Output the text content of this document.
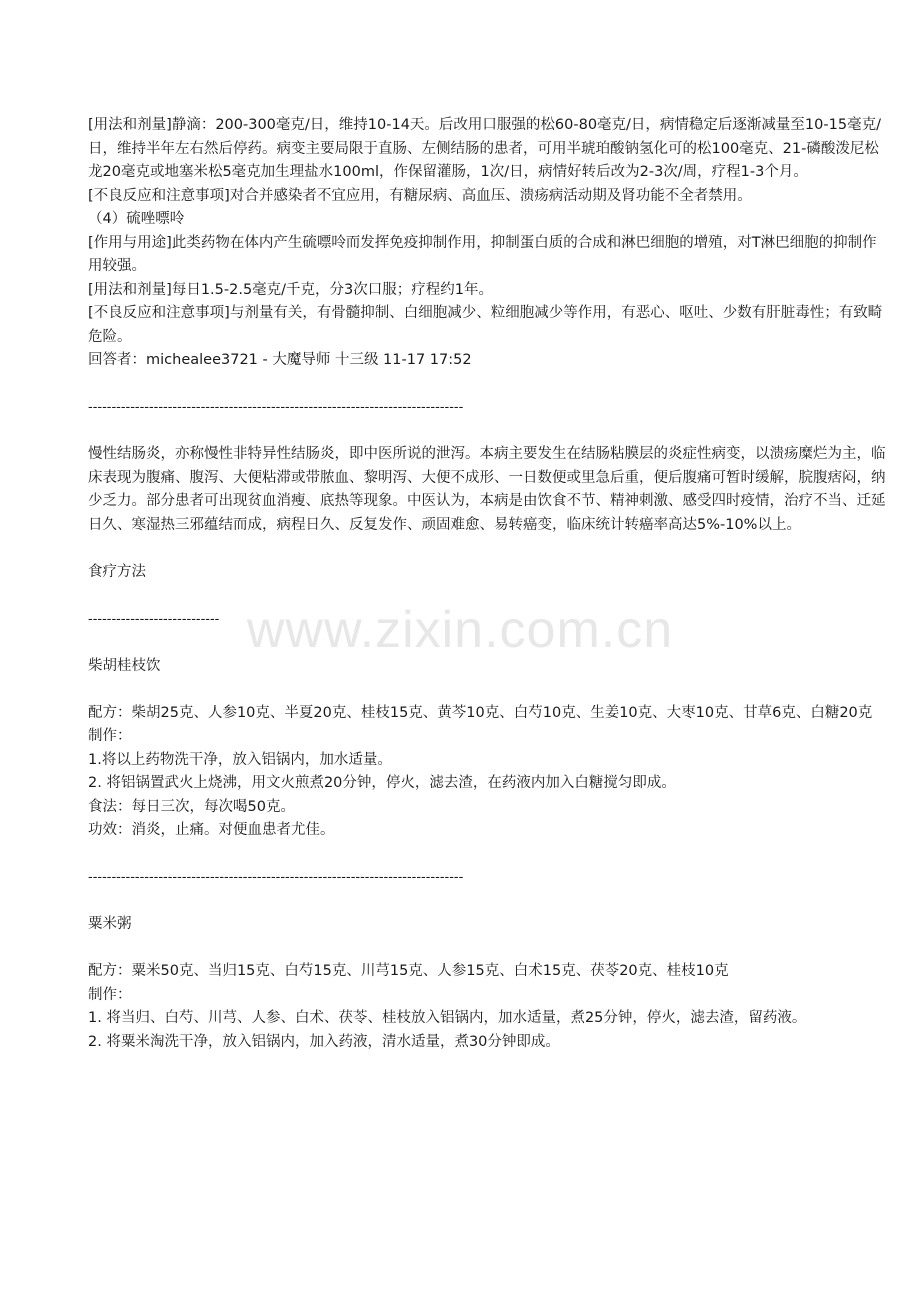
www.zixin.com.cn

[用法和剂量]静滴：200-300毫克/日，维持10-14天。后改用口服强的松60-80毫克/日，病情稳定后逐渐减量至10-15毫克/日，维持半年左右然后停药。病变主要局限于直肠、左侧结肠的患者，可用半琥珀酸钠氢化可的松100毫克、21-磷酸泼尼松龙20毫克或地塞米松5毫克加生理盐水100ml，作保留灌肠，1次/日，病情好转后改为2-3次/周，疗程1-3个月。

[不良反应和注意事项]对合并感染者不宜应用，有糖尿病、高血压、溃疡病活动期及肾功能不全者禁用。

（4）硫唑嘌呤

[作用与用途]此类药物在体内产生硫嘌呤而发挥免疫抑制作用，抑制蛋白质的合成和淋巴细胞的增殖，对T淋巴细胞的抑制作用较强。

[用法和剂量]每日1.5-2.5毫克/千克，分3次口服；疗程约1年。

[不良反应和注意事项]与剂量有关，有骨髓抑制、白细胞减少、粒细胞减少等作用，有恶心、呕吐、少数有肝脏毒性；有致畸危险。

回答者：michealee3721 - 大魔导师 十三级 11-17 17:52

--------------------------------------------------------------------------------

慢性结肠炎，亦称慢性非特异性结肠炎，即中医所说的泄泻。本病主要发生在结肠粘膜层的炎症性病变，以溃疡糜烂为主，临床表现为腹痛、腹泻、大便粘滞或带脓血、黎明泻、大便不成形、一日数便或里急后重，便后腹痛可暂时缓解，脘腹痞闷，纳少乏力。部分患者可出现贫血消瘦、底热等现象。中医认为，本病是由饮食不节、精神刺激、感受四时疫情，治疗不当、迁延日久、寒湿热三邪蕴结而成，病程日久、反复发作、顽固难愈、易转癌变，临床统计转癌率高达5%-10%以上。

食疗方法

----------------------------

柴胡桂枝饮

配方：柴胡25克、人参10克、半夏20克、桂枝15克、黄芩10克、白芍10克、生姜10克、大枣10克、甘草6克、白糖20克

制作：

1.将以上药物洗干净，放入铝锅内，加水适量。

2. 将铝锅置武火上烧沸，用文火煎煮20分钟，停火，滤去渣，在药液内加入白糖搅匀即成。

食法：每日三次，每次喝50克。

功效：消炎，止痛。对便血患者尤佳。

--------------------------------------------------------------------------------

粟米粥

配方：粟米50克、当归15克、白芍15克、川芎15克、人参15克、白术15克、茯苓20克、桂枝10克

制作：

1. 将当归、白芍、川芎、人参、白术、茯苓、桂枝放入铝锅内，加水适量，煮25分钟，停火，滤去渣，留药液。

2. 将粟米淘洗干净，放入铝锅内，加入药液，清水适量，煮30分钟即成。
